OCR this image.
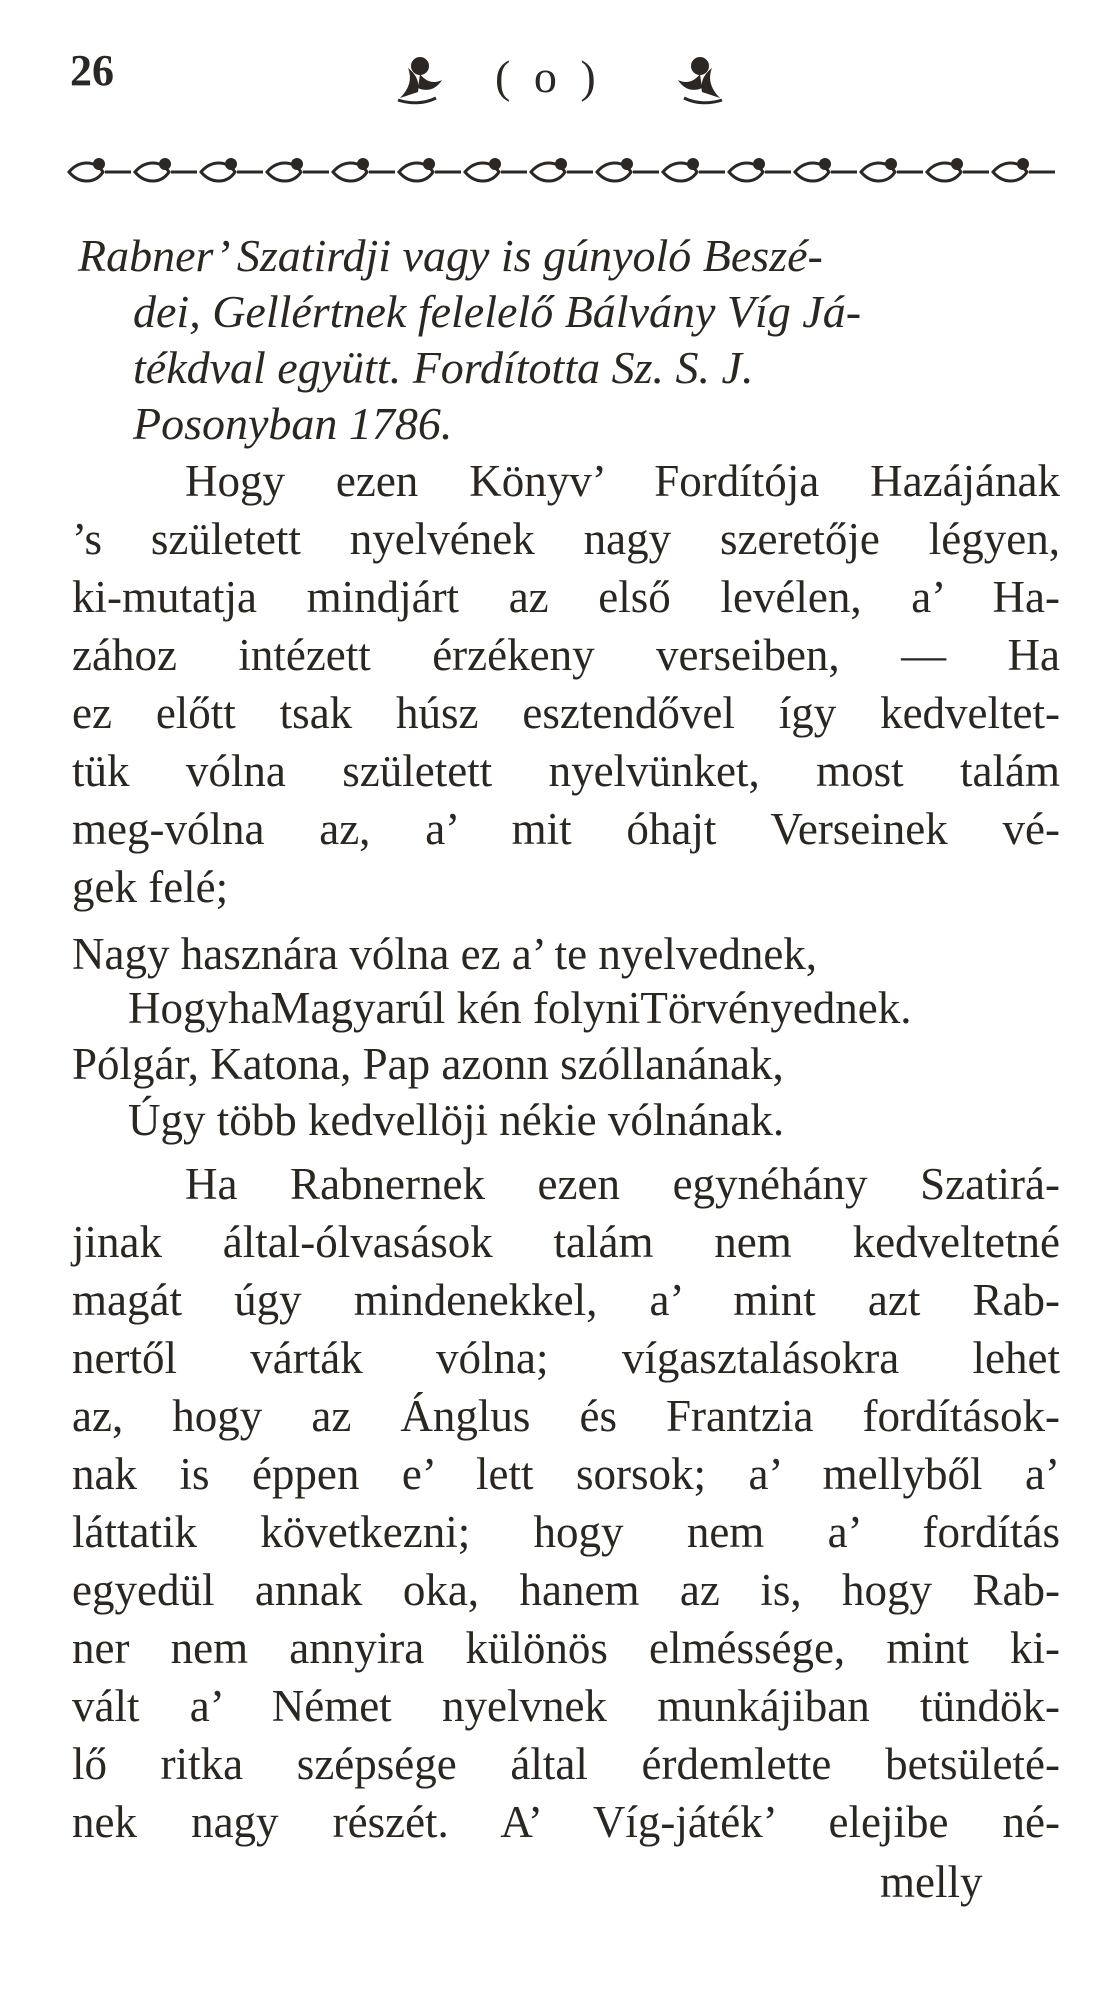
26	( o )
Rabner’ Szatirdji vagy is gúnyoló Beszé-
dei, Gellértnek felelelő Bálvány Víg Já-
tékdval együtt. Fordította Sz. S. J.
Posonyban 1786.
Hogy ezen Könyv’ Fordítója Hazájának
’s született nyelvének nagy szeretője légyen,
ki-mutatja mindjárt az első levélen, a’ Ha-
zához intézett érzékeny verseiben, — Ha
ez előtt tsak húsz esztendővel így kedveltet-
tük vólna született nyelvünket, most talám
meg-vólna az, a’ mit óhajt Verseinek vé-
gek felé;
Nagy hasznára vólna ez a’ te nyelvednek,
HogyhaMagyarúl kén folyniTörvényednek.
Pólgár, Katona, Pap azonn szóllanának,
Úgy több kedvellöji nékie vólnának.
Ha Rabnernek ezen egynéhány Szatirá-
jinak által-ólvasások talám nem kedveltetné
magát úgy mindenekkel, a’ mint azt Rab-
nertől várták vólna; vígasztalásokra lehet
az, hogy az Ánglus és Frantzia fordítások-
nak is éppen e’ lett sorsok; a’ mellyből a’
láttatik következni; hogy nem a’ fordítás
egyedül annak oka, hanem az is, hogy Rab-
ner nem annyira különös elméssége, mint ki-
vált a’ Német nyelvnek munkájiban tündök-
lő ritka szépsége által érdemlette betsületé-
nek nagy részét. A’ Víg-játék’ elejibe né-
melly
